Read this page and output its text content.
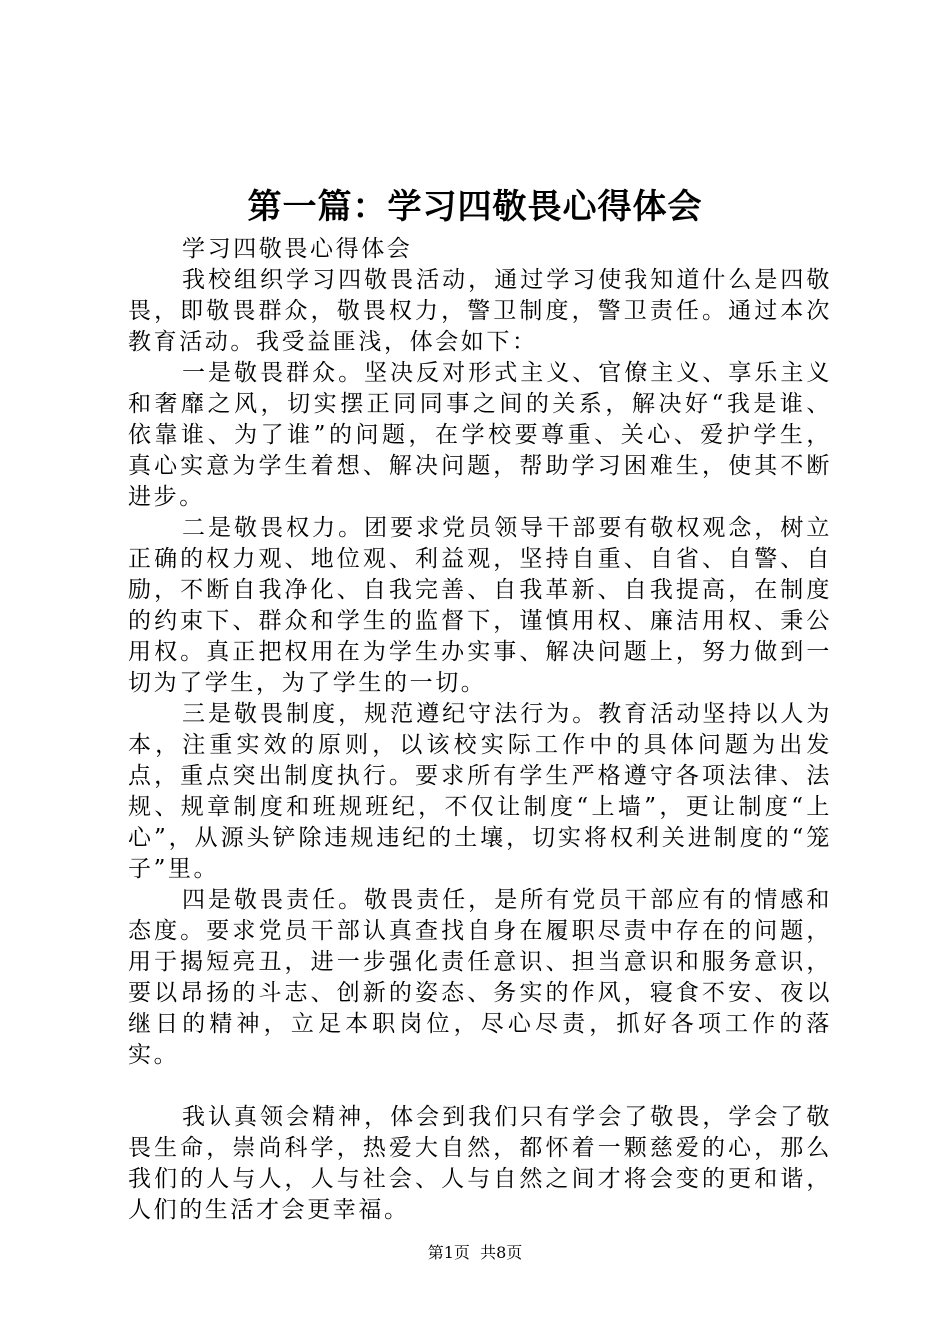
第一篇：学习四敬畏心得体会

学习四敬畏心得体会

我校组织学习四敬畏活动，通过学习使我知道什么是四敬畏，即敬畏群众，敬畏权力，警卫制度，警卫责任。通过本次教育活动。我受益匪浅，体会如下：

一是敬畏群众。坚决反对形式主义、官僚主义、享乐主义和奢靡之风，切实摆正同同事之间的关系，解决好“我是谁、依靠谁、为了谁”的问题，在学校要尊重、关心、爱护学生，真心实意为学生着想、解决问题，帮助学习困难生，使其不断进步。

二是敬畏权力。团要求党员领导干部要有敬权观念，树立正确的权力观、地位观、利益观，坚持自重、自省、自警、自励，不断自我净化、自我完善、自我革新、自我提高，在制度的约束下、群众和学生的监督下，谨慎用权、廉洁用权、秉公用权。真正把权用在为学生办实事、解决问题上，努力做到一切为了学生，为了学生的一切。

三是敬畏制度，规范遵纪守法行为。教育活动坚持以人为本，注重实效的原则，以该校实际工作中的具体问题为出发点，重点突出制度执行。要求所有学生严格遵守各项法律、法规、规章制度和班规班纪，不仅让制度“上墙”，更让制度“上心”，从源头铲除违规违纪的土壤，切实将权利关进制度的“笼子”里。

四是敬畏责任。敬畏责任，是所有党员干部应有的情感和态度。要求党员干部认真查找自身在履职尽责中存在的问题，用于揭短亮丑，进一步强化责任意识、担当意识和服务意识，要以昂扬的斗志、创新的姿态、务实的作风，寝食不安、夜以继日的精神，立足本职岗位，尽心尽责，抓好各项工作的落实。

我认真领会精神，体会到我们只有学会了敬畏，学会了敬畏生命，崇尚科学，热爱大自然，都怀着一颗慈爱的心，那么我们的人与人，人与社会、人与自然之间才将会变的更和谐，人们的生活才会更幸福。

第1页 共8页
